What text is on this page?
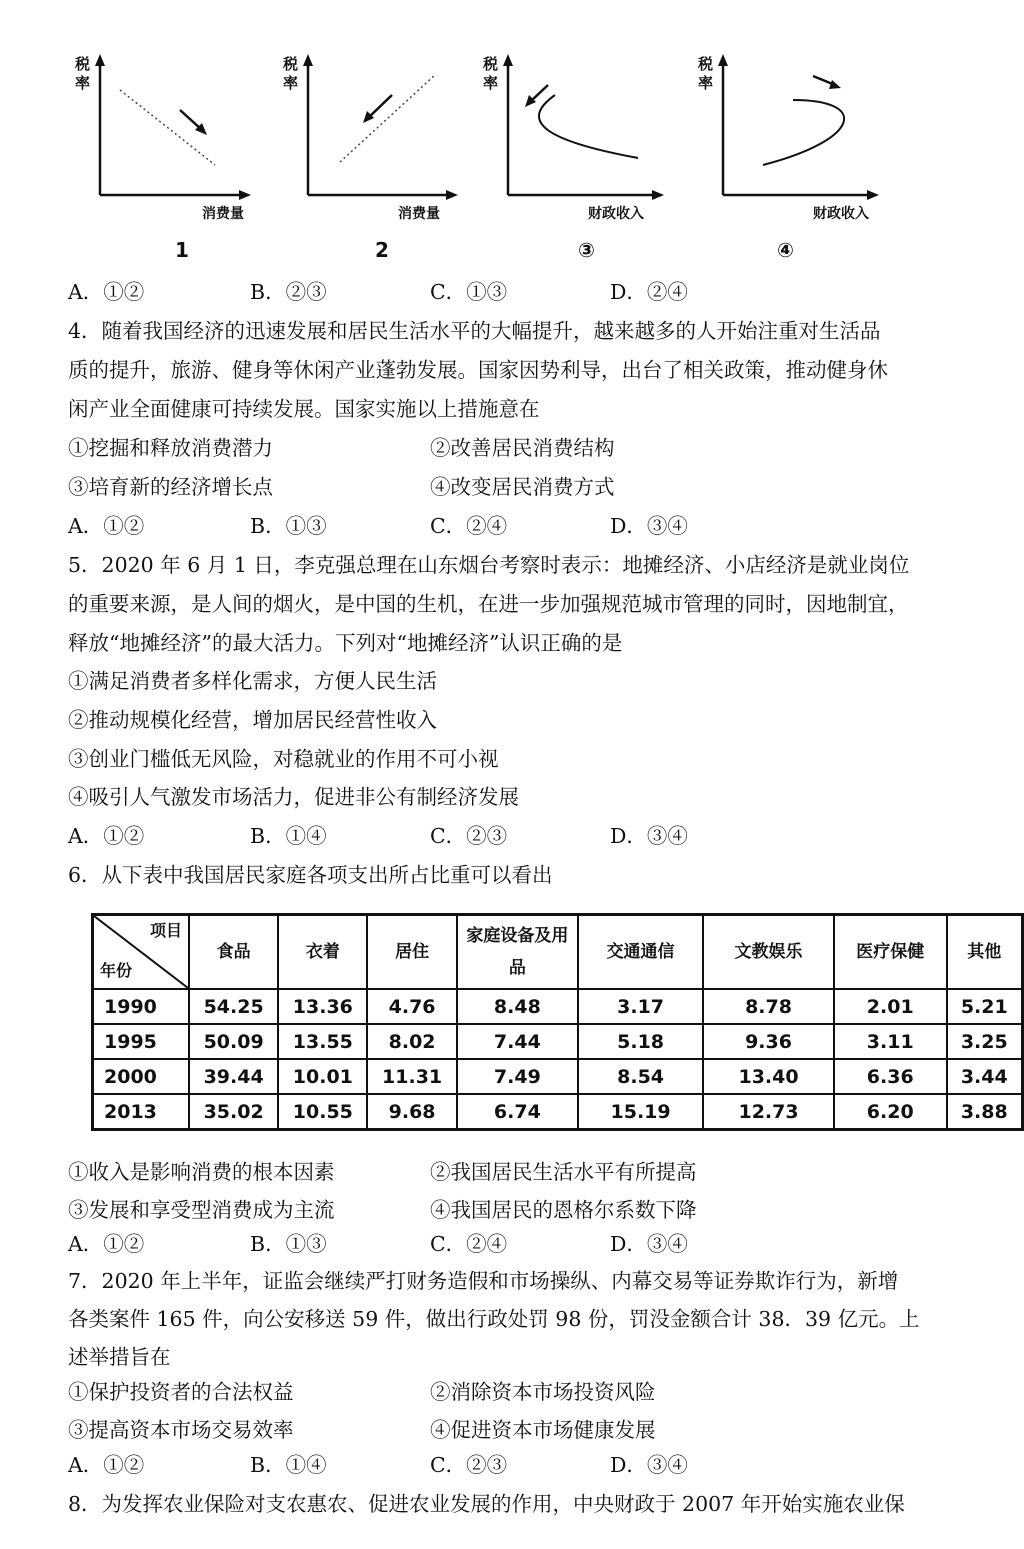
税率
消费量
1
税率
消费量
2
税率
财政收入
③
税率
财政收入
④
A．①②	B．②③	C．①③	D．②④
4．随着我国经济的迅速发展和居民生活水平的大幅提升，越来越多的人开始注重对生活品
质的提升，旅游、健身等休闲产业蓬勃发展。国家因势利导，出台了相关政策，推动健身休
闲产业全面健康可持续发展。国家实施以上措施意在
①挖掘和释放消费潜力	②改善居民消费结构
③培育新的经济增长点	④改变居民消费方式
A．①②	B．①③	C．②④	D．③④
5．2020 年 6 月 1 日，李克强总理在山东烟台考察时表示：地摊经济、小店经济是就业岗位
的重要来源，是人间的烟火，是中国的生机，在进一步加强规范城市管理的同时，因地制宜，
释放“地摊经济”的最大活力。下列对“地摊经济”认识正确的是
①满足消费者多样化需求，方便人民生活
②推动规模化经营，增加居民经营性收入
③创业门槛低无风险，对稳就业的作用不可小视
④吸引人气激发市场活力，促进非公有制经济发展
A．①②	B．①④	C．②③	D．③④
6．从下表中我国居民家庭各项支出所占比重可以看出
项目
年份	食品	衣着	居住	家庭设备及用品	交通通信	文教娱乐	医疗保健	其他
1990	54.25	13.36	4.76	8.48	3.17	8.78	2.01	5.21
1995	50.09	13.55	8.02	7.44	5.18	9.36	3.11	3.25
2000	39.44	10.01	11.31	7.49	8.54	13.40	6.36	3.44
2013	35.02	10.55	9.68	6.74	15.19	12.73	6.20	3.88
①收入是影响消费的根本因素	②我国居民生活水平有所提高
③发展和享受型消费成为主流	④我国居民的恩格尔系数下降
A．①②	B．①③	C．②④	D．③④
7．2020 年上半年，证监会继续严打财务造假和市场操纵、内幕交易等证券欺诈行为，新增
各类案件 165 件，向公安移送 59 件，做出行政处罚 98 份，罚没金额合计 38．39 亿元。上
述举措旨在
①保护投资者的合法权益	②消除资本市场投资风险
③提高资本市场交易效率	④促进资本市场健康发展
A．①②	B．①④	C．②③	D．③④
8．为发挥农业保险对支农惠农、促进农业发展的作用，中央财政于 2007 年开始实施农业保
